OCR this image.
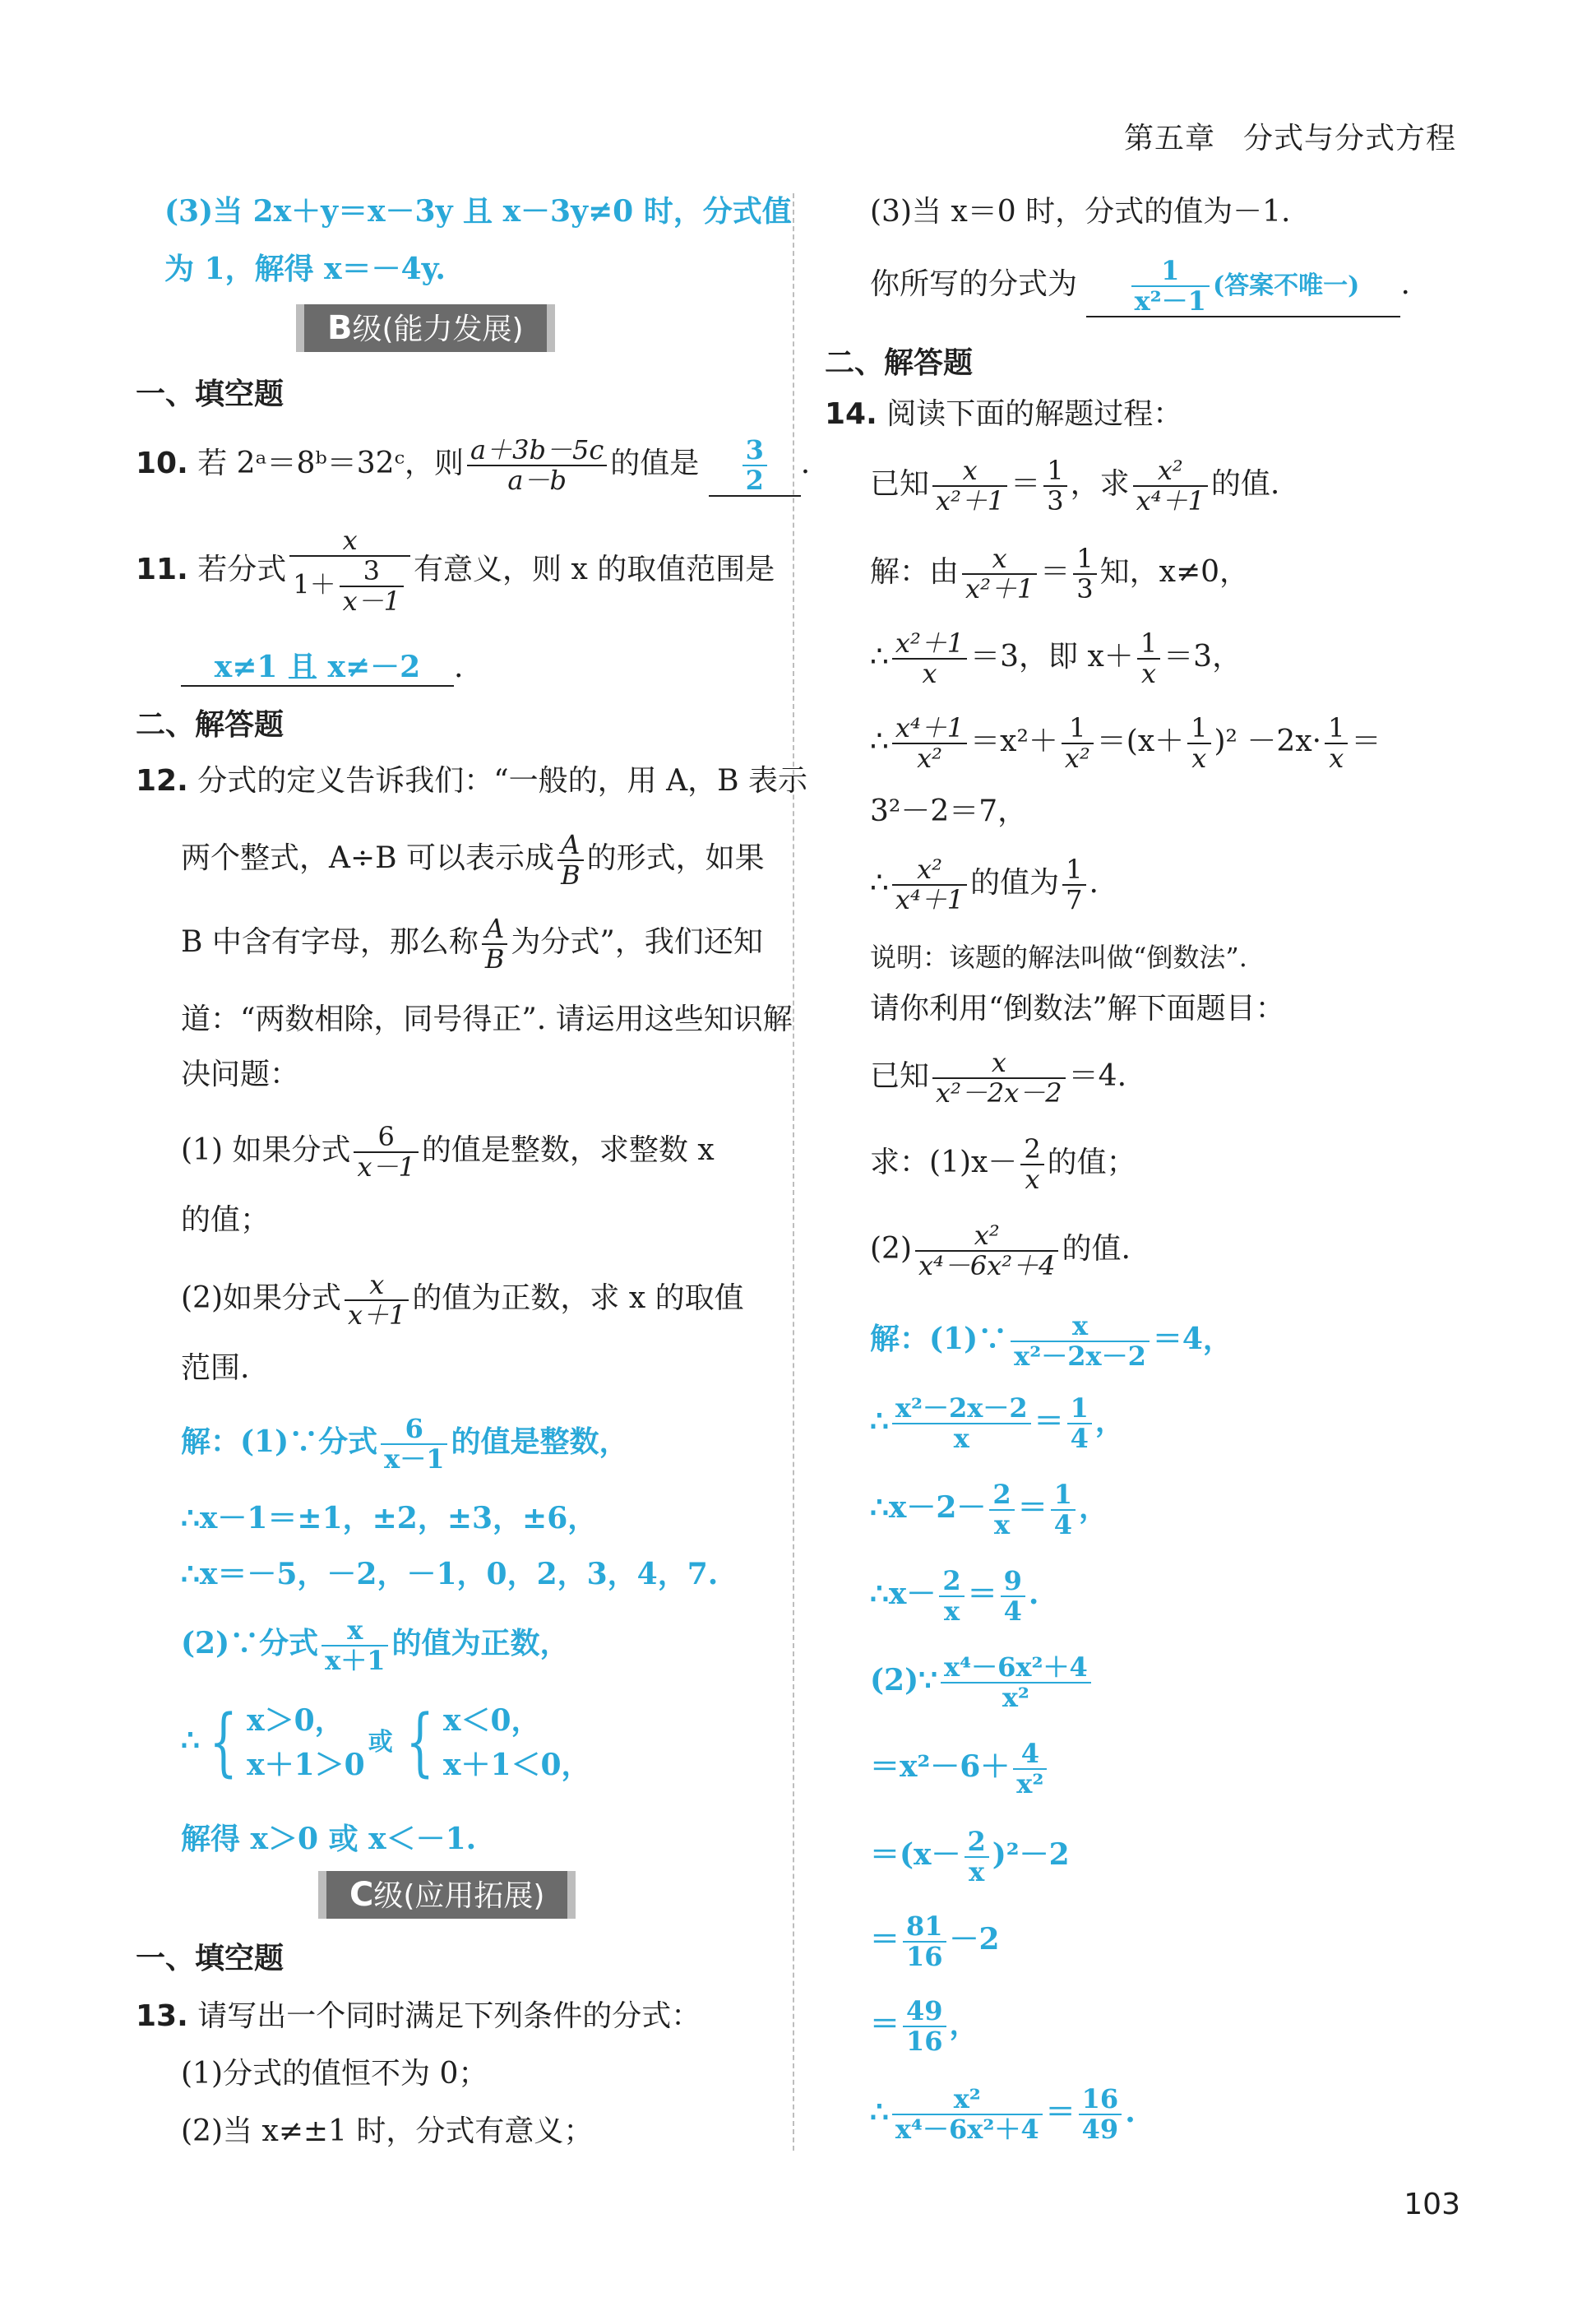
第五章 分式与分式方程
(3)当 2x＋y＝x－3y 且 x－3y≠0 时，分式值
为 1，解得 x＝－4y.
B级(能力发展)
一、填空题
10. 若 2ᵃ＝8ᵇ＝32ᶜ，则 $\frac{a+3b-5c}{a-b}$ 的值是 $\frac{3}{2}$ .
11. 若分式 $\frac{x}{1+ \frac{3}{x-1}}$ 有意义，则 x 的取值范围是
x≠1 且 x≠－2 .
二、解答题
12. 分式的定义告诉我们：“一般的，用 A，B 表示
两个整式，A÷B 可以表示成 $\frac{A}{B}$ 的形式，如果
B 中含有字母，那么称 $\frac{A}{B}$ 为分式”，我们还知
道：“两数相除，同号得正”. 请运用这些知识解
决问题：
(1) 如果分式 $\frac{6}{x-1}$ 的值是整数，求整数 x
的值；
(2)如果分式 $\frac{x}{x+1}$ 的值为正数，求 x 的取值
范围.
解：(1)∵分式 $\frac{6}{x-1}$ 的值是整数，
∴x－1＝±1，±2，±3，±6，
∴x＝－5，－2，－1，0，2，3，4，7.
(2)∵分式 $\frac{x}{x+1}$ 的值为正数，
∴ { x＞0，
x＋1＞0
或 { x＜0，
x＋1＜0，
解得 x＞0 或 x＜－1.
C级(应用拓展)
一、填空题
13. 请写出一个同时满足下列条件的分式：
(1)分式的值恒不为 0；
(2)当 x≠±1 时，分式有意义；
(3)当 x＝0 时，分式的值为－1.
你所写的分式为 $\frac{1}{\text{x²－1}}$ (答案不唯一) .
二、解答题
14. 阅读下面的解题过程：
已知 $\frac{x}{\text{x²＋1}} = \frac{1}{3}$ ，求 $\frac{\text{x²}}{\text{x⁴＋1}}$ 的值.
解：由 $\frac{x}{\text{x²＋1}} = \frac{1}{3}$ 知，x≠0，
∴ $\frac{\text{x²＋1}}{x} =3$，即 $x+ \frac{1}{x} =3$，
∴ $\frac{\text{x⁴＋1}}{\text{x²}} =x^2+ \frac{1}{\text{x²}} =(x+ \frac{1}{x} )^2 -2x\cdot \frac{1}{x}$ ＝
3²－2＝7，
∴ $\frac{\text{x²}}{\text{x⁴＋1}}$ 的值为 $\frac{1}{7}$ .
说明：该题的解法叫做“倒数法”.
请你利用“倒数法”解下面题目：
已知 $\frac{x}{\text{x²－2x－2}} =4$.
求：$(1)x- \frac{2}{x}$ 的值；
$(2) \frac{\text{x²}}{\text{x⁴－6x²＋4}}$ 的值.
解：(1)∵ $\frac{x}{\text{x²－2x－2}} =4$，
∴ $\frac{\text{x²－2x－2}}{x} = \frac{1}{4}$ ，
∴x－2－ $\frac{2}{x} = \frac{1}{4}$ ，
∴x－ $\frac{2}{x} = \frac{9}{4}$ .
(2)∵ $\frac{\text{x⁴－6x²＋4}}{\text{x²}}$
$=x^2-6+ \frac{4}{\text{x²}}$
$=(x- \frac{2}{x} )^2-2$
＝ $\frac{81}{16} -2$
＝ $\frac{49}{16}$ ，
∴ $\frac{\text{x²}}{\text{x⁴－6x²＋4}} = \frac{16}{49}$ .
103
